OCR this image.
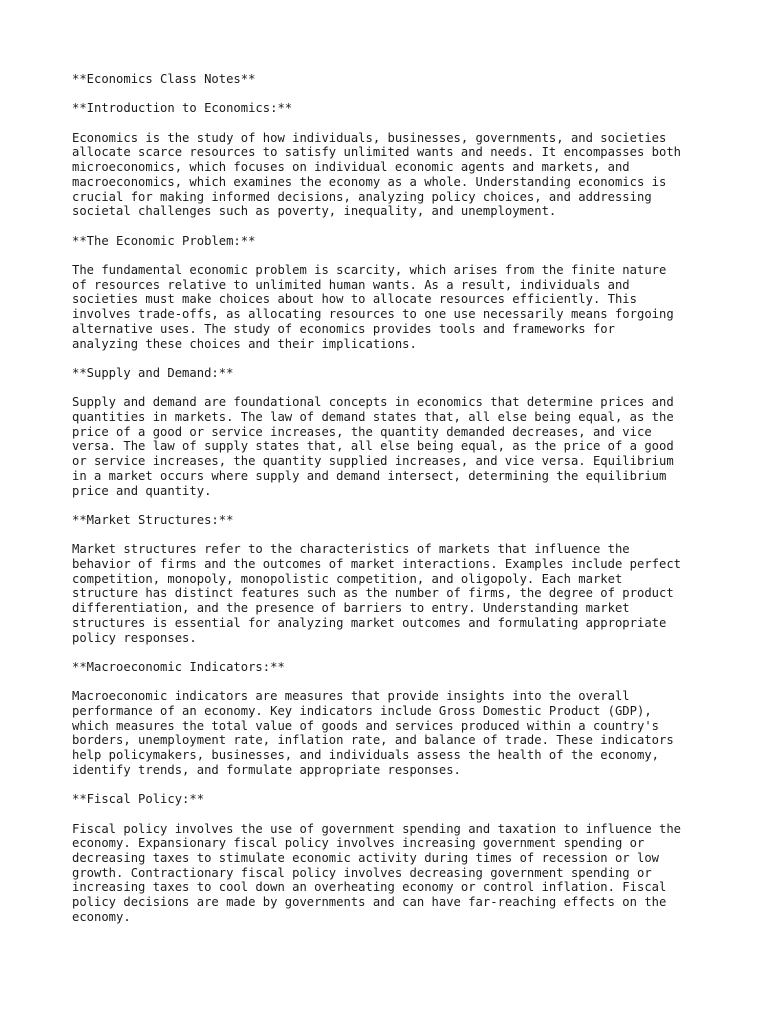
**Economics Class Notes**

**Introduction to Economics:**

Economics is the study of how individuals, businesses, governments, and societies
allocate scarce resources to satisfy unlimited wants and needs. It encompasses both
microeconomics, which focuses on individual economic agents and markets, and
macroeconomics, which examines the economy as a whole. Understanding economics is
crucial for making informed decisions, analyzing policy choices, and addressing
societal challenges such as poverty, inequality, and unemployment.

**The Economic Problem:**

The fundamental economic problem is scarcity, which arises from the finite nature
of resources relative to unlimited human wants. As a result, individuals and
societies must make choices about how to allocate resources efficiently. This
involves trade-offs, as allocating resources to one use necessarily means forgoing
alternative uses. The study of economics provides tools and frameworks for
analyzing these choices and their implications.

**Supply and Demand:**

Supply and demand are foundational concepts in economics that determine prices and
quantities in markets. The law of demand states that, all else being equal, as the
price of a good or service increases, the quantity demanded decreases, and vice
versa. The law of supply states that, all else being equal, as the price of a good
or service increases, the quantity supplied increases, and vice versa. Equilibrium
in a market occurs where supply and demand intersect, determining the equilibrium
price and quantity.

**Market Structures:**

Market structures refer to the characteristics of markets that influence the
behavior of firms and the outcomes of market interactions. Examples include perfect
competition, monopoly, monopolistic competition, and oligopoly. Each market
structure has distinct features such as the number of firms, the degree of product
differentiation, and the presence of barriers to entry. Understanding market
structures is essential for analyzing market outcomes and formulating appropriate
policy responses.

**Macroeconomic Indicators:**

Macroeconomic indicators are measures that provide insights into the overall
performance of an economy. Key indicators include Gross Domestic Product (GDP),
which measures the total value of goods and services produced within a country's
borders, unemployment rate, inflation rate, and balance of trade. These indicators
help policymakers, businesses, and individuals assess the health of the economy,
identify trends, and formulate appropriate responses.

**Fiscal Policy:**

Fiscal policy involves the use of government spending and taxation to influence the
economy. Expansionary fiscal policy involves increasing government spending or
decreasing taxes to stimulate economic activity during times of recession or low
growth. Contractionary fiscal policy involves decreasing government spending or
increasing taxes to cool down an overheating economy or control inflation. Fiscal
policy decisions are made by governments and can have far-reaching effects on the
economy.
